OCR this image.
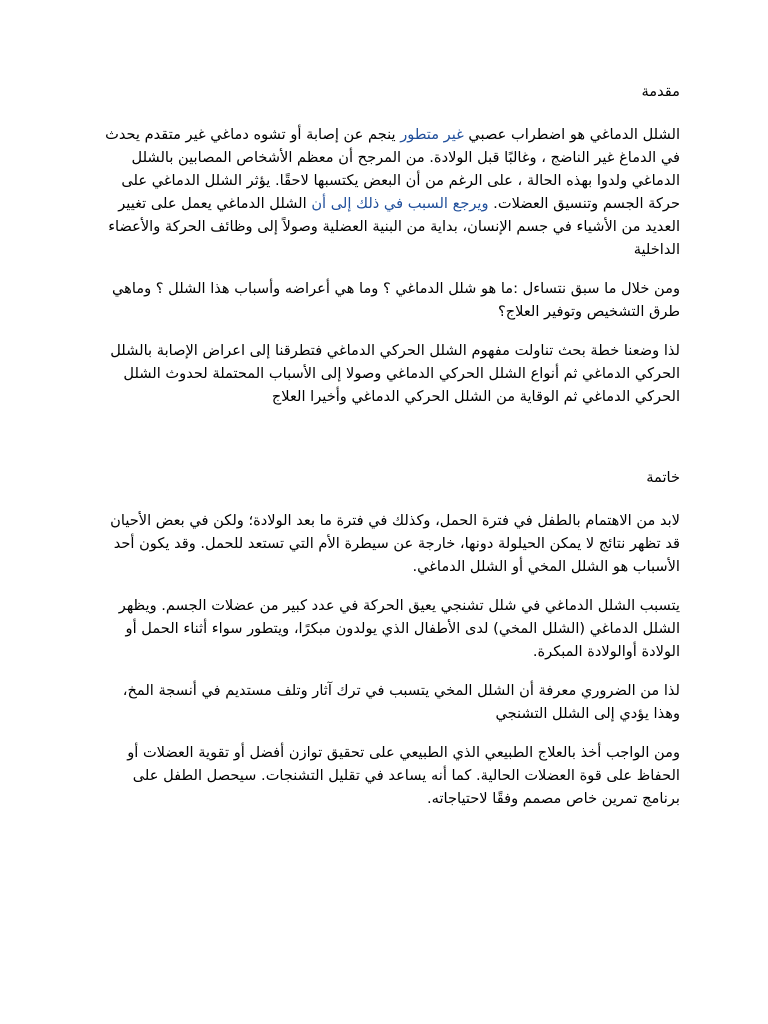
مقدمة

الشلل الدماغي هو اضطراب عصبي غير متطور ينجم عن إصابة أو تشوه دماغي غير متقدم يحدث في الدماغ غير الناضج ، وغالبًا قبل الولادة. من المرجح أن معظم الأشخاص المصابين بالشلل الدماغي ولدوا بهذه الحالة ، على الرغم من أن البعض يكتسبها لاحقًا. يؤثر الشلل الدماغي على حركة الجسم وتنسيق العضلات. ويرجع السبب في ذلك إلى أن الشلل الدماغي يعمل على تغيير العديد من الأشياء في جسم الإنسان، بداية من البنية العضلية وصولاً إلى وظائف الحركة والأعضاء الداخلية

ومن خلال ما سبق نتساءل :ما هو شلل الدماغي ؟ وما هي أعراضه وأسباب هذا الشلل ؟ وماهي طرق التشخيص وتوفير العلاج؟

لذا وضعنا خطة بحث تناولت مفهوم الشلل الحركي الدماغي فتطرقنا إلى اعراض الإصابة بالشلل الحركي الدماغي ثم أنواع الشلل الحركي الدماغي وصولا إلى الأسباب المحتملة لحدوث الشلل الحركي الدماغي ثم الوقاية من الشلل الحركي الدماغي وأخيرا العلاج

خاتمة

لابد من الاهتمام بالطفل في فترة الحمل، وكذلك في فترة ما بعد الولادة؛ ولكن في بعض الأحيان قد تظهر نتائج لا يمكن الحيلولة دونها، خارجة عن سيطرة الأم التي تستعد للحمل. وقد يكون أحد الأسباب هو الشلل المخي أو الشلل الدماغي.

يتسبب الشلل الدماغي في شلل تشنجي يعيق الحركة في عدد كبير من عضلات الجسم. ويظهر الشلل الدماغي (الشلل المخي) لدى الأطفال الذي يولدون مبكرًا، ويتطور سواء أثناء الحمل أو الولادة أوالولادة المبكرة.

لذا من الضروري معرفة أن الشلل المخي يتسبب في ترك آثار وتلف مستديم في أنسجة المخ، وهذا يؤدي إلى الشلل التشنجي

ومن الواجب أخذ بالعلاج الطبيعي الذي الطبيعي على تحقيق توازن أفضل أو تقوية العضلات أو الحفاظ على قوة العضلات الحالية. كما أنه يساعد في تقليل التشنجات. سيحصل الطفل على برنامج تمرين خاص مصمم وفقًا لاحتياجاته.
